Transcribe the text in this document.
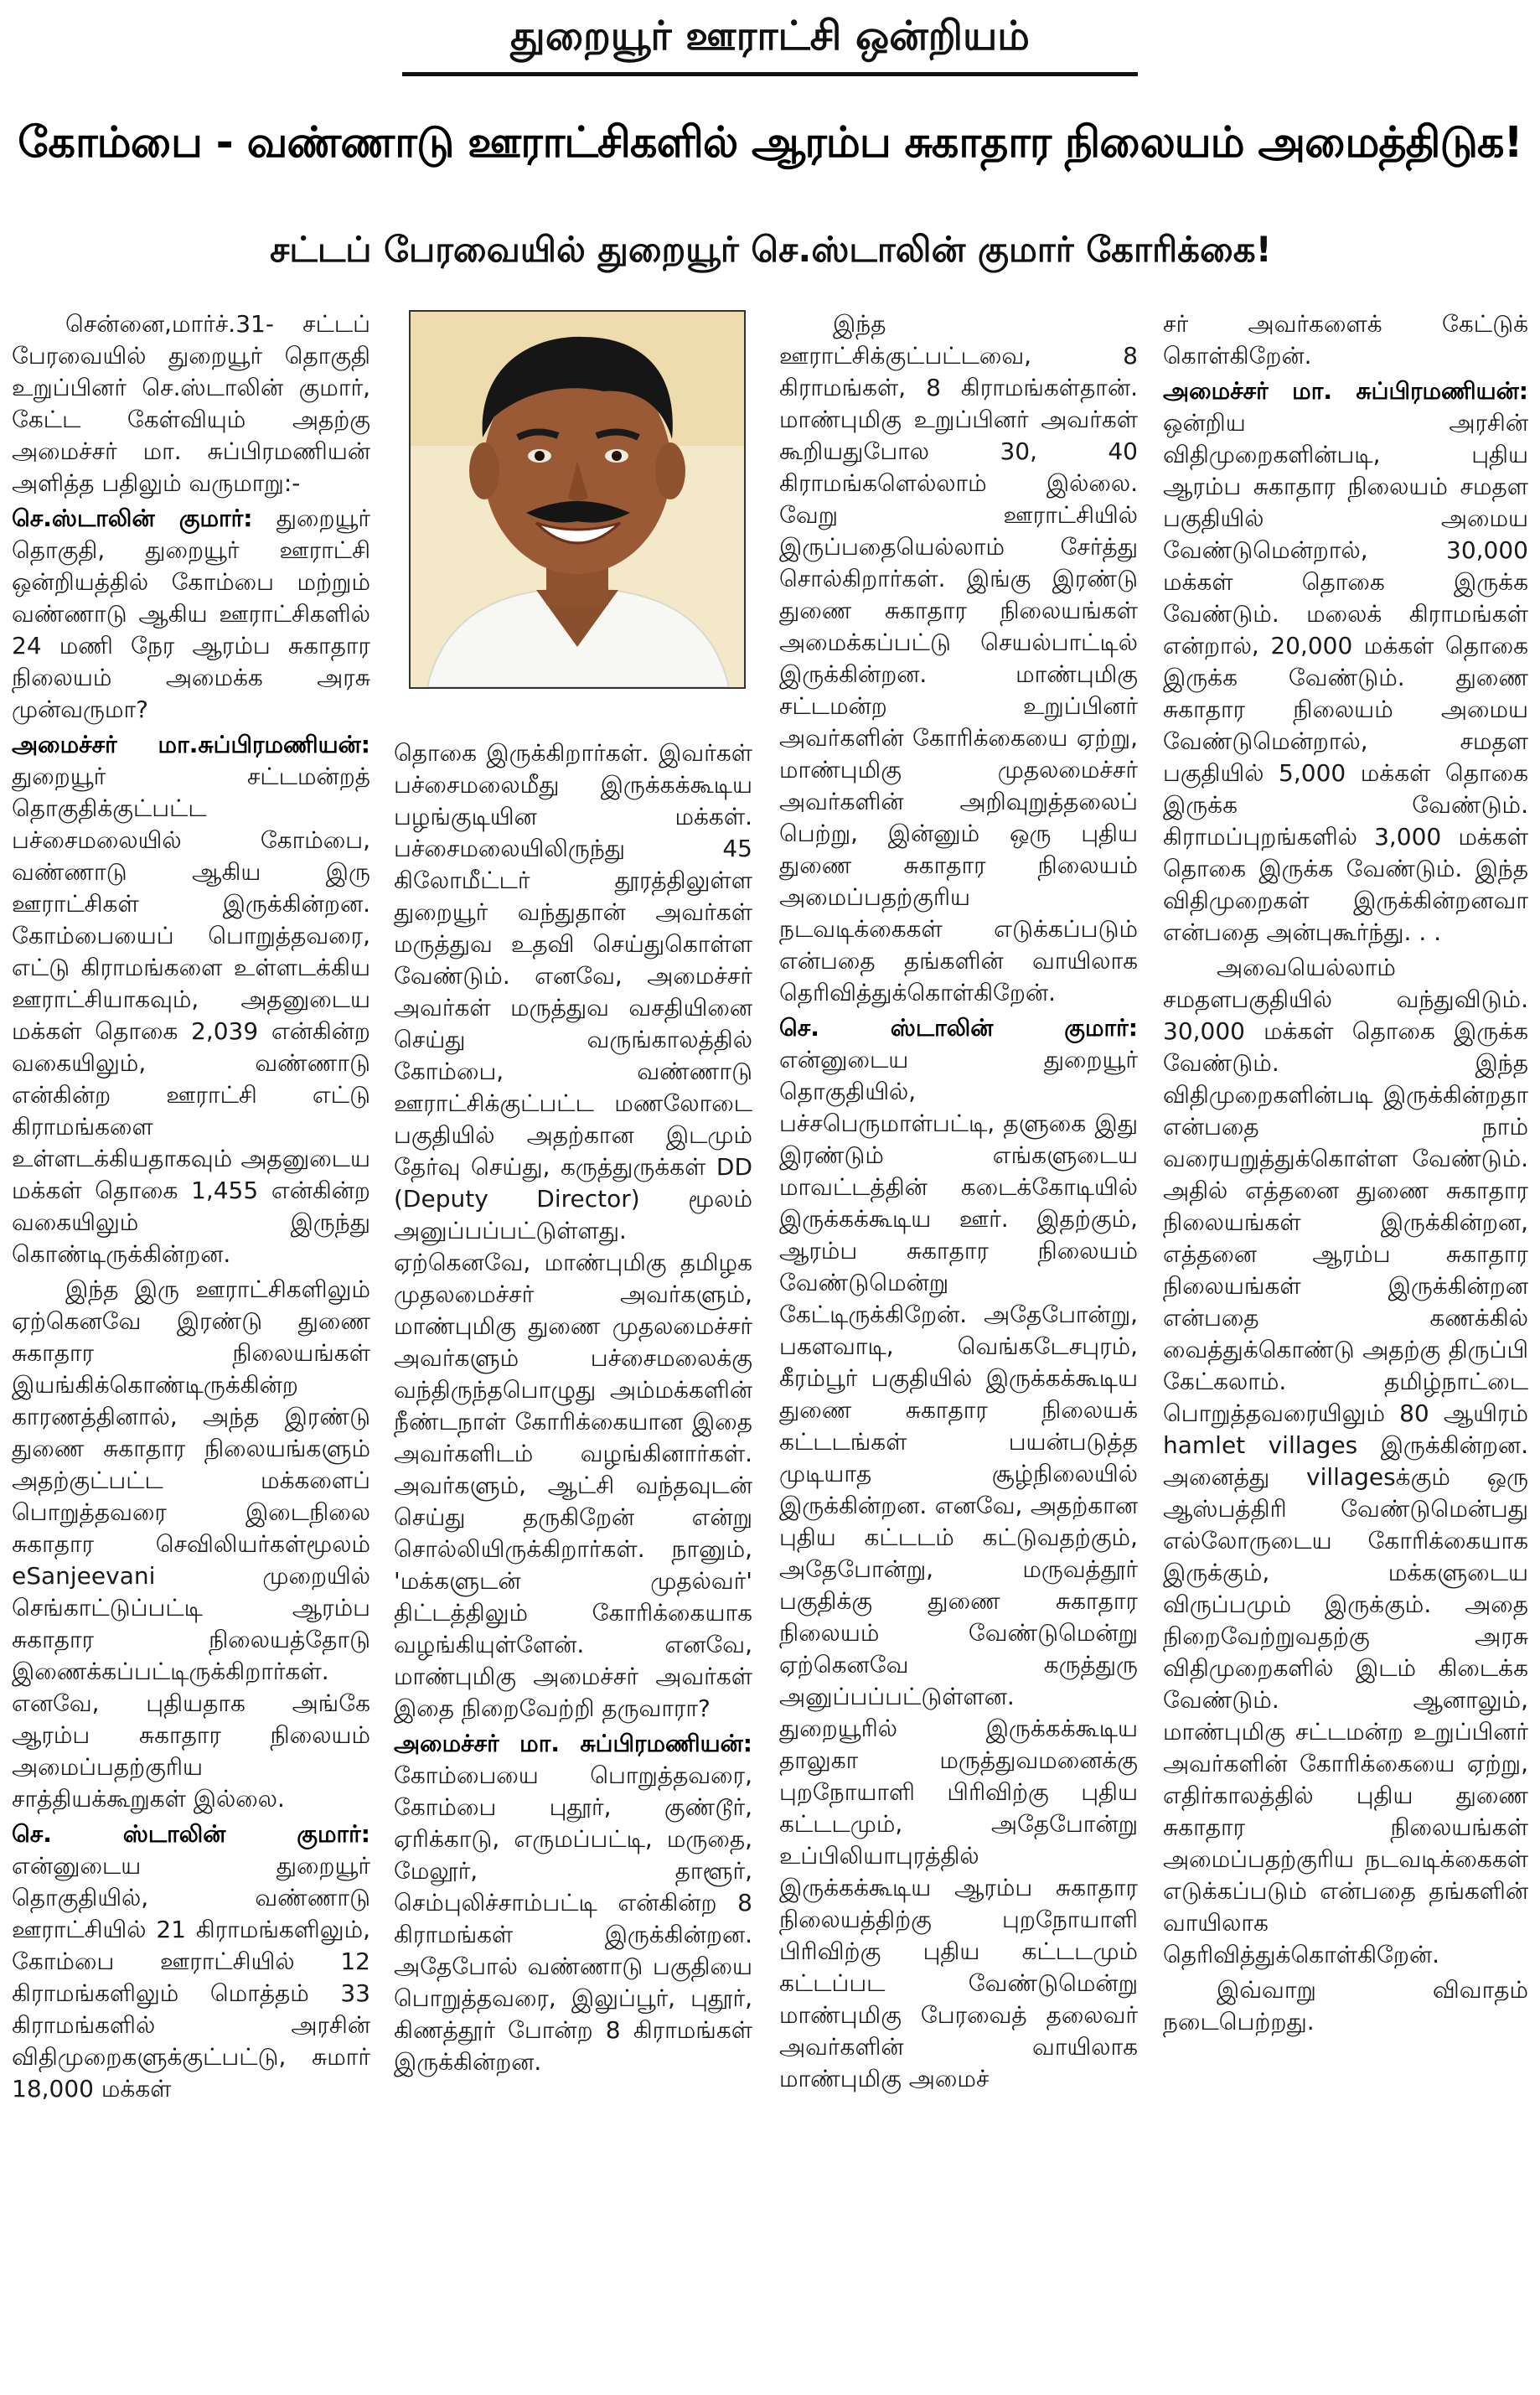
துறையூர் ஊராட்சி ஒன்றியம்
கோம்பை - வண்ணாடு ஊராட்சிகளில் ஆரம்ப சுகாதார நிலையம் அமைத்திடுக!
சட்டப் பேரவையில் துறையூர் செ.ஸ்டாலின் குமார் கோரிக்கை!

சென்னை,மார்ச்.31- சட்டப் பேரவையில் துறையூர் தொகுதி உறுப்பினர் செ.ஸ்டாலின் குமார், கேட்ட கேள்வியும் அதற்கு அமைச்சர் மா. சுப்பிரமணியன் அளித்த பதிலும் வருமாறு:-

செ.ஸ்டாலின் குமார்: துறையூர் தொகுதி, துறையூர் ஊராட்சி ஒன்றியத்தில் கோம்பை மற்றும் வண்ணாடு ஆகிய ஊராட்சிகளில் 24 மணி நேர ஆரம்ப சுகாதார நிலையம் அமைக்க அரசு முன்வருமா?

அமைச்சர் மா.சுப்பிரமணியன்: துறையூர் சட்டமன்றத் தொகுதிக்குட்பட்ட பச்சைமலையில் கோம்பை, வண்ணாடு ஆகிய இரு ஊராட்சிகள் இருக்கின்றன. கோம்பையைப் பொறுத்தவரை, எட்டு கிராமங்களை உள்ளடக்கிய ஊராட்சியாகவும், அதனுடைய மக்கள் தொகை 2,039 என்கின்ற வகையிலும், வண்ணாடு என்கின்ற ஊராட்சி எட்டு கிராமங்களை உள்ளடக்கியதாகவும் அதனுடைய மக்கள் தொகை 1,455 என்கின்ற வகையிலும் இருந்து கொண்டிருக்கின்றன.

இந்த இரு ஊராட்சிகளிலும் ஏற்கெனவே இரண்டு துணை சுகாதார நிலையங்கள் இயங்கிக்கொண்டிருக்கின்ற காரணத்தினால், அந்த இரண்டு துணை சுகாதார நிலையங்களும் அதற்குட்பட்ட மக்களைப் பொறுத்தவரை இடைநிலை சுகாதார செவிலியர்கள்மூலம் eSanjeevani முறையில் செங்காட்டுப்பட்டி ஆரம்ப சுகாதார நிலையத்தோடு இணைக்கப்பட்டிருக்கிறார்கள். எனவே, புதியதாக அங்கே ஆரம்ப சுகாதார நிலையம் அமைப்பதற்குரிய சாத்தியக்கூறுகள் இல்லை.

செ. ஸ்டாலின் குமார்: என்னுடைய துறையூர் தொகுதியில், வண்ணாடு ஊராட்சியில் 21 கிராமங்களிலும், கோம்பை ஊராட்சியில் 12 கிராமங்களிலும் மொத்தம் 33 கிராமங்களில் அரசின் விதிமுறைகளுக்குட்பட்டு, சுமார் 18,000 மக்கள்

தொகை இருக்கிறார்கள். இவர்கள் பச்சைமலைமீது இருக்கக்கூடிய பழங்குடியின மக்கள். பச்சைமலையிலிருந்து 45 கிலோமீட்டர் தூரத்திலுள்ள துறையூர் வந்துதான் அவர்கள் மருத்துவ உதவி செய்துகொள்ள வேண்டும். எனவே, அமைச்சர் அவர்கள் மருத்துவ வசதியினை செய்து வருங்காலத்தில் கோம்பை, வண்ணாடு ஊராட்சிக்குட்பட்ட மணலோடை பகுதியில் அதற்கான இடமும் தேர்வு செய்து, கருத்துருக்கள் DD (Deputy Director) மூலம் அனுப்பப்பட்டுள்ளது. ஏற்கெனவே, மாண்புமிகு தமிழக முதலமைச்சர் அவர்களும், மாண்புமிகு துணை முதலமைச்சர் அவர்களும் பச்சைமலைக்கு வந்திருந்தபொழுது அம்மக்களின் நீண்டநாள் கோரிக்கையான இதை அவர்களிடம் வழங்கினார்கள். அவர்களும், ஆட்சி வந்தவுடன் செய்து தருகிறேன் என்று சொல்லியிருக்கிறார்கள். நானும், 'மக்களுடன் முதல்வர்' திட்டத்திலும் கோரிக்கையாக வழங்கியுள்ளேன். எனவே, மாண்புமிகு அமைச்சர் அவர்கள் இதை நிறைவேற்றி தருவாரா?

அமைச்சர் மா. சுப்பிரமணியன்: கோம்பையை பொறுத்தவரை, கோம்பை புதூர், குண்டூர், ஏரிக்காடு, எருமப்பட்டி, மருதை, மேலூர், தாளூர், செம்புலிச்சாம்பட்டி என்கின்ற 8 கிராமங்கள் இருக்கின்றன. அதேபோல் வண்ணாடு பகுதியை பொறுத்தவரை, இலுப்பூர், புதூர், கிணத்தூர் போன்ற 8 கிராமங்கள் இருக்கின்றன.

இந்த ஊராட்சிக்குட்பட்டவை, 8 கிராமங்கள், 8 கிராமங்கள்தான். மாண்புமிகு உறுப்பினர் அவர்கள் கூறியதுபோல 30, 40 கிராமங்களெல்லாம் இல்லை. வேறு ஊராட்சியில் இருப்பதையெல்லாம் சேர்த்து சொல்கிறார்கள். இங்கு இரண்டு துணை சுகாதார நிலையங்கள் அமைக்கப்பட்டு செயல்பாட்டில் இருக்கின்றன. மாண்புமிகு சட்டமன்ற உறுப்பினர் அவர்களின் கோரிக்கையை ஏற்று, மாண்புமிகு முதலமைச்சர் அவர்களின் அறிவுறுத்தலைப் பெற்று, இன்னும் ஒரு புதிய துணை சுகாதார நிலையம் அமைப்பதற்குரிய நடவடிக்கைகள் எடுக்கப்படும் என்பதை தங்களின் வாயிலாக தெரிவித்துக்கொள்கிறேன்.

செ. ஸ்டாலின் குமார்: என்னுடைய துறையூர் தொகுதியில், பச்சபெருமாள்பட்டி, தளுகை இது இரண்டும் எங்களுடைய மாவட்டத்தின் கடைக்கோடியில் இருக்கக்கூடிய ஊர். இதற்கும், ஆரம்ப சுகாதார நிலையம் வேண்டுமென்று கேட்டிருக்கிறேன். அதேபோன்று, பகளவாடி, வெங்கடேசபுரம், கீரம்பூர் பகுதியில் இருக்கக்கூடிய துணை சுகாதார நிலையக் கட்டடங்கள் பயன்படுத்த முடியாத சூழ்நிலையில் இருக்கின்றன. எனவே, அதற்கான புதிய கட்டடம் கட்டுவதற்கும், அதேபோன்று, மருவத்தூர் பகுதிக்கு துணை சுகாதார நிலையம் வேண்டுமென்று ஏற்கெனவே கருத்துரு அனுப்பப்பட்டுள்ளன. துறையூரில் இருக்கக்கூடிய தாலுகா மருத்துவமனைக்கு புறநோயாளி பிரிவிற்கு புதிய கட்டடமும், அதேபோன்று உப்பிலியாபுரத்தில் இருக்கக்கூடிய ஆரம்ப சுகாதார நிலையத்திற்கு புறநோயாளி பிரிவிற்கு புதிய கட்டடமும் கட்டப்பட வேண்டுமென்று மாண்புமிகு பேரவைத் தலைவர் அவர்களின் வாயிலாக மாண்புமிகு அமைச்

சர் அவர்களைக் கேட்டுக் கொள்கிறேன்.

அமைச்சர் மா. சுப்பிரமணியன்: ஒன்றிய அரசின் விதிமுறைகளின்படி, புதிய ஆரம்ப சுகாதார நிலையம் சமதள பகுதியில் அமைய வேண்டுமென்றால், 30,000 மக்கள் தொகை இருக்க வேண்டும். மலைக் கிராமங்கள் என்றால், 20,000 மக்கள் தொகை இருக்க வேண்டும். துணை சுகாதார நிலையம் அமைய வேண்டுமென்றால், சமதள பகுதியில் 5,000 மக்கள் தொகை இருக்க வேண்டும். கிராமப்புறங்களில் 3,000 மக்கள் தொகை இருக்க வேண்டும். இந்த விதிமுறைகள் இருக்கின்றனவா என்பதை அன்புகூர்ந்து. . .

அவையெல்லாம் சமதளபகுதியில் வந்துவிடும். 30,000 மக்கள் தொகை இருக்க வேண்டும். இந்த விதிமுறைகளின்படி இருக்கின்றதா என்பதை நாம் வரையறுத்துக்கொள்ள வேண்டும். அதில் எத்தனை துணை சுகாதார நிலையங்கள் இருக்கின்றன, எத்தனை ஆரம்ப சுகாதார நிலையங்கள் இருக்கின்றன என்பதை கணக்கில் வைத்துக்கொண்டு அதற்கு திருப்பி கேட்கலாம். தமிழ்நாட்டை பொறுத்தவரையிலும் 80 ஆயிரம் hamlet villages இருக்கின்றன. அனைத்து villagesக்கும் ஒரு ஆஸ்பத்திரி வேண்டுமென்பது எல்லோருடைய கோரிக்கையாக இருக்கும், மக்களுடைய விருப்பமும் இருக்கும். அதை நிறைவேற்றுவதற்கு அரசு விதிமுறைகளில் இடம் கிடைக்க வேண்டும். ஆனாலும், மாண்புமிகு சட்டமன்ற உறுப்பினர் அவர்களின் கோரிக்கையை ஏற்று, எதிர்காலத்தில் புதிய துணை சுகாதார நிலையங்கள் அமைப்பதற்குரிய நடவடிக்கைகள் எடுக்கப்படும் என்பதை தங்களின் வாயிலாக தெரிவித்துக்கொள்கிறேன்.

இவ்வாறு விவாதம் நடைபெற்றது.
